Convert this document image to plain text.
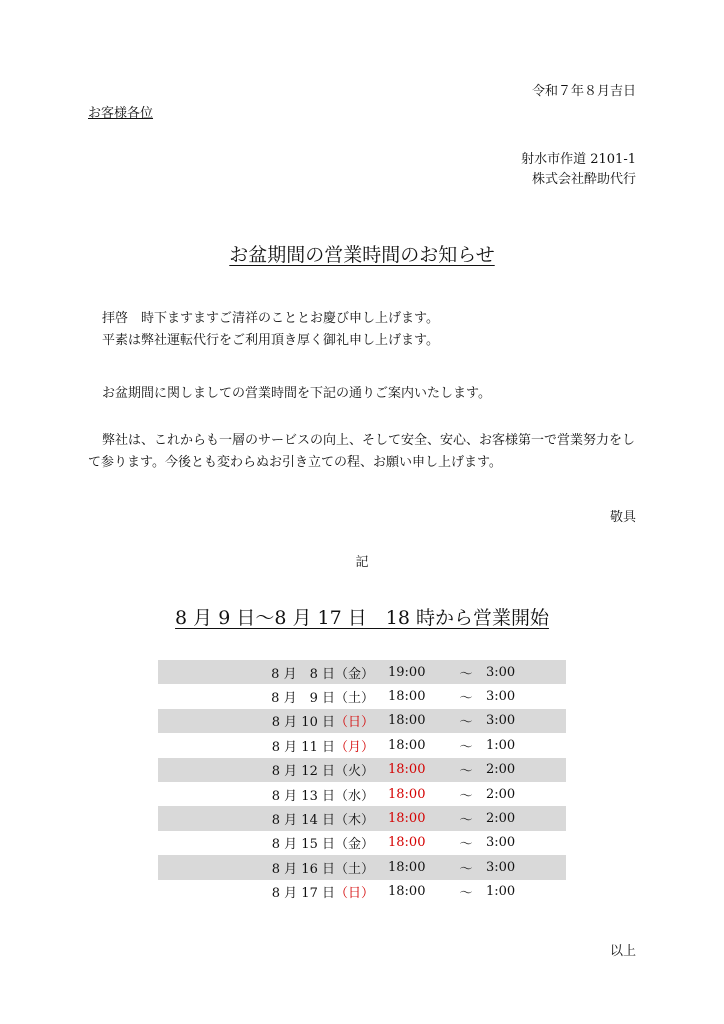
令和７年８月吉日
お客様各位
射水市作道 2101-1
株式会社酔助代行
お盆期間の営業時間のお知らせ
拝啓　時下ますますご清祥のこととお慶び申し上げます。
平素は弊社運転代行をご利用頂き厚く御礼申し上げます。
お盆期間に関しましての営業時間を下記の通りご案内いたします。
弊社は、これからも一層のサービスの向上、そして安全、安心、お客様第一で営業努力をして参ります。今後とも変わらぬお引き立ての程、お願い申し上げます。
敬具
記
8 月 9 日～8 月 17 日　18 時から営業開始
8 月　8 日（金）	19:00	～	3:00
8 月　9 日（土）	18:00	～	3:00
8 月 10 日（日）	18:00	～	3:00
8 月 11 日（月）	18:00	～	1:00
8 月 12 日（火）	18:00	～	2:00
8 月 13 日（水）	18:00	～	2:00
8 月 14 日（木）	18:00	～	2:00
8 月 15 日（金）	18:00	～	3:00
8 月 16 日（土）	18:00	～	3:00
8 月 17 日（日）	18:00	～	1:00
以上
